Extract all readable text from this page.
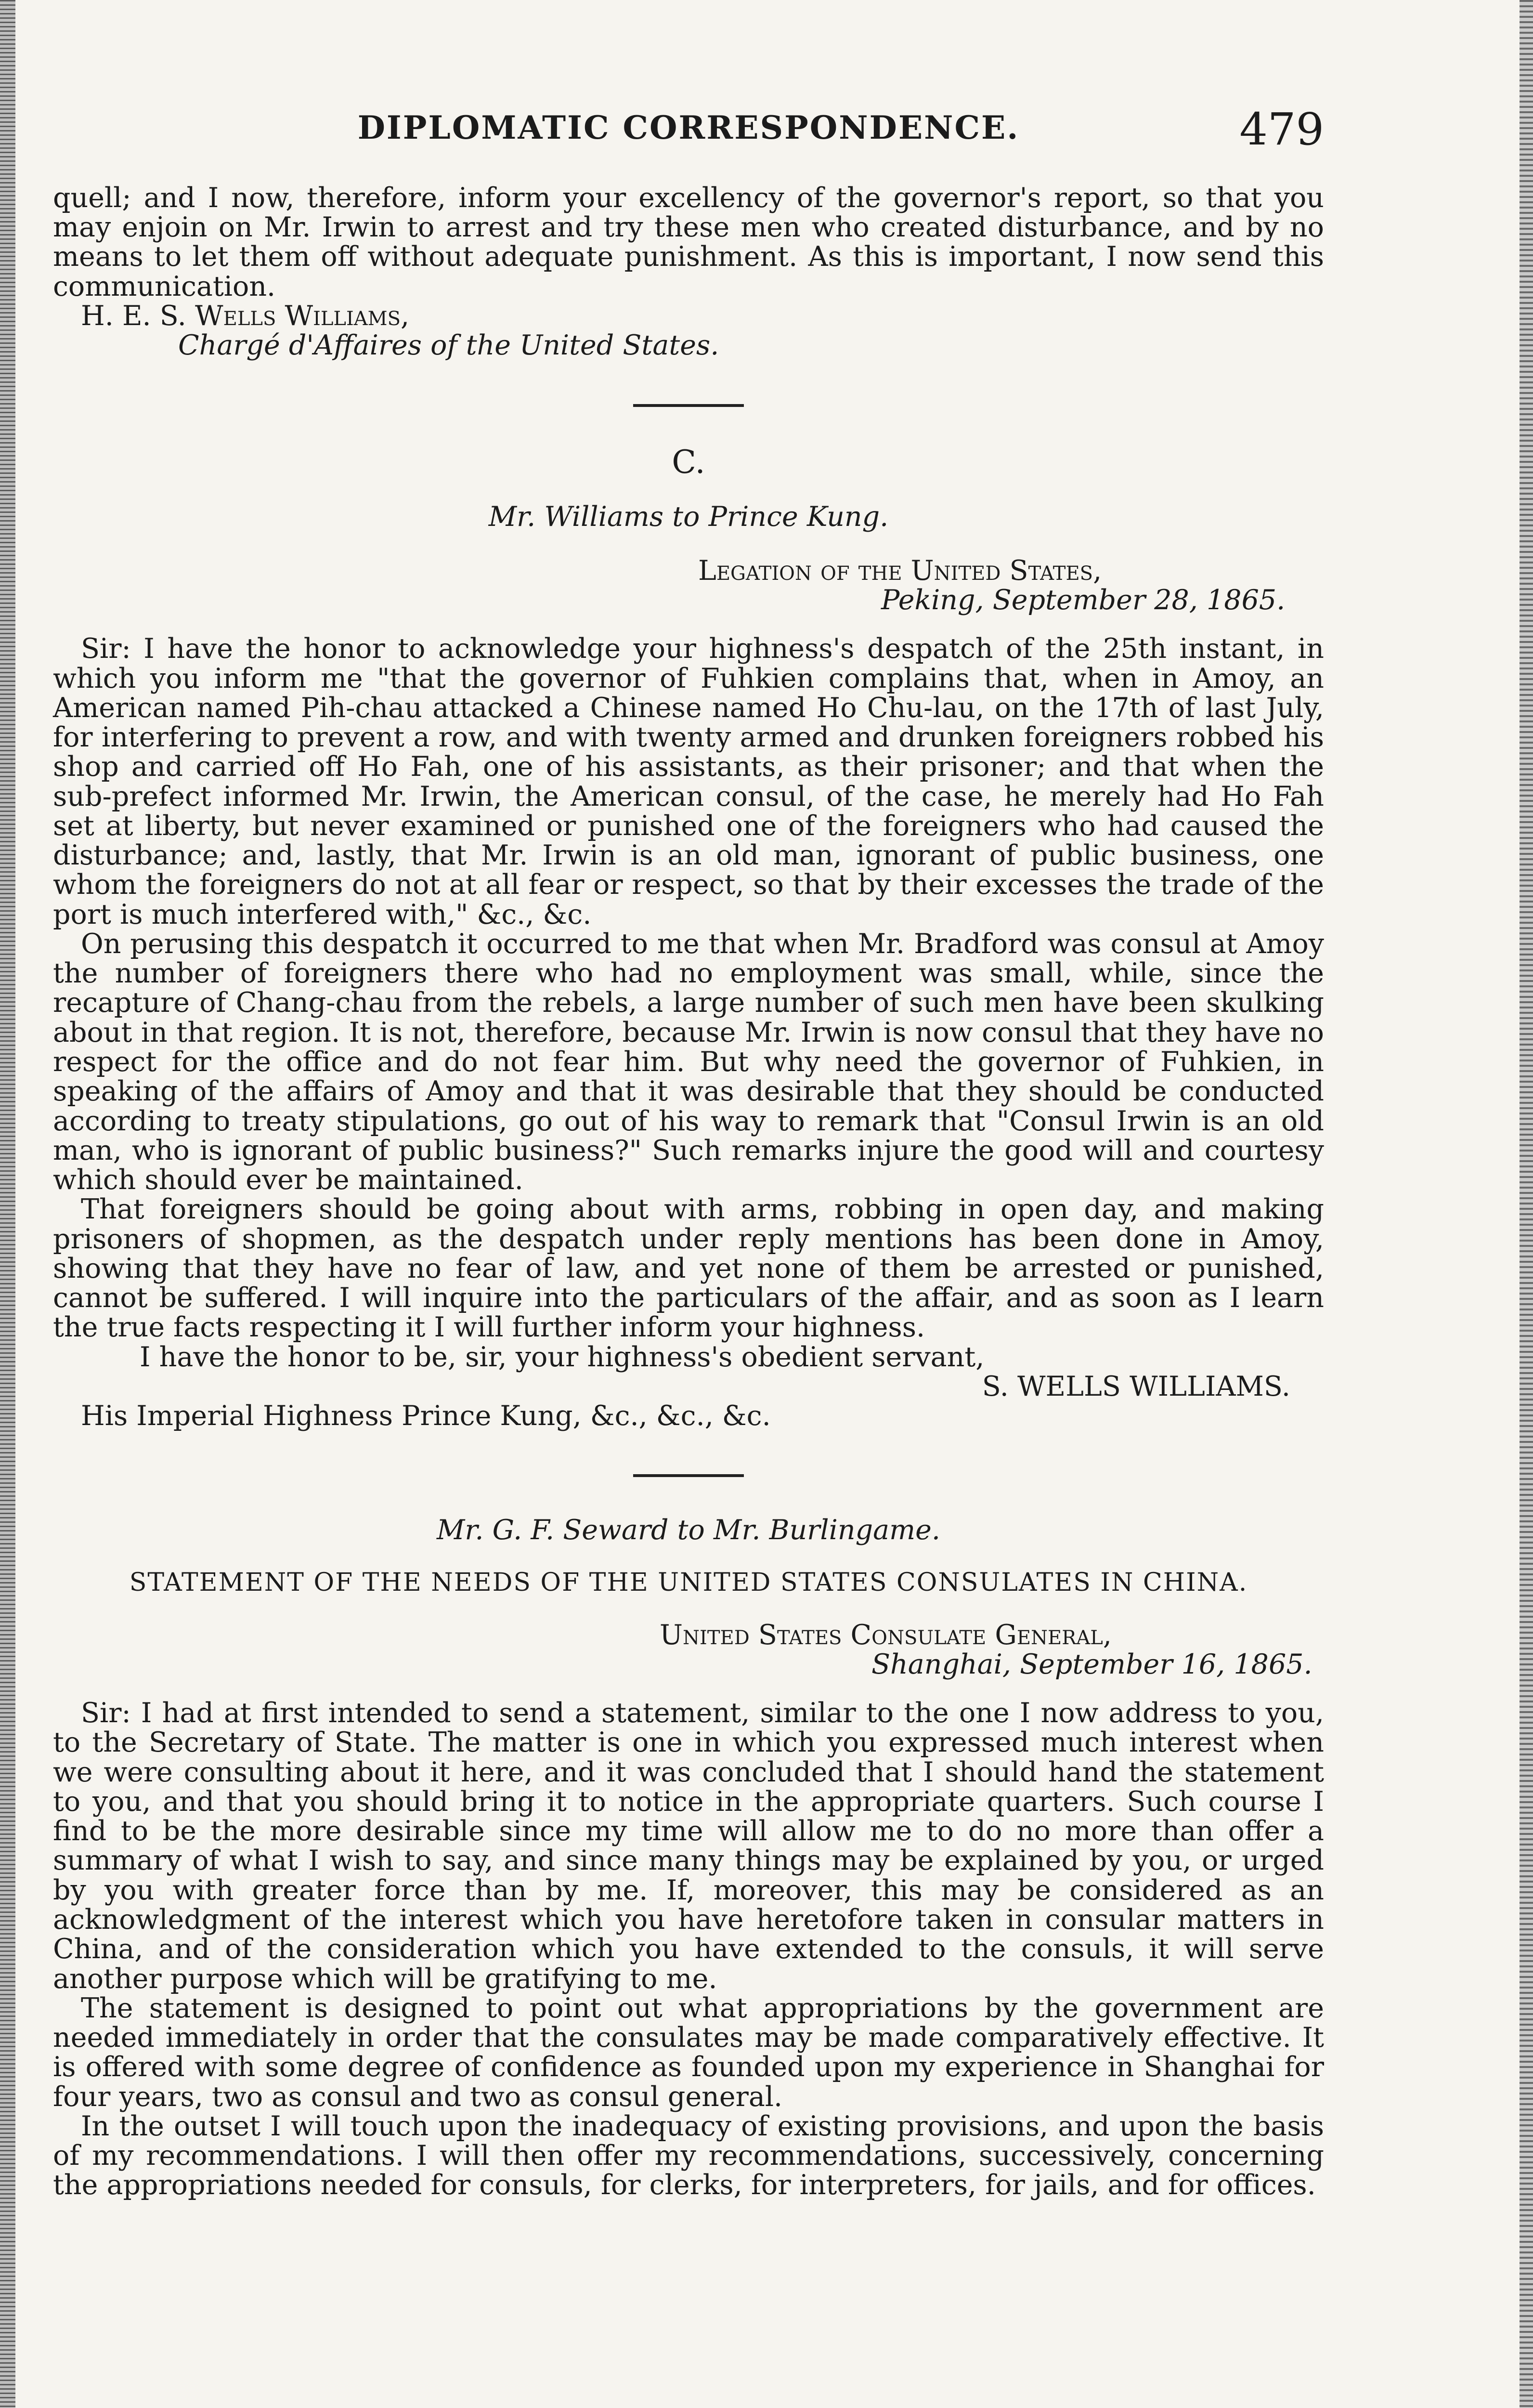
DIPLOMATIC CORRESPONDENCE.	479

quell; and I now, therefore, inform your excellency of the governor's report, so that you may enjoin on Mr. Irwin to arrest and try these men who created disturbance, and by no means to let them off without adequate punishment. As this is important, I now send this communication.

H. E. S. Wells Williams,

Chargé d'Affaires of the United States.

C.

Mr. Williams to Prince Kung.

Legation of the United States,

Peking, September 28, 1865.

Sir: I have the honor to acknowledge your highness's despatch of the 25th instant, in which you inform me "that the governor of Fuhkien complains that, when in Amoy, an American named Pih-chau attacked a Chinese named Ho Chu-lau, on the 17th of last July, for interfering to prevent a row, and with twenty armed and drunken foreigners robbed his shop and carried off Ho Fah, one of his assistants, as their prisoner; and that when the sub-prefect informed Mr. Irwin, the American consul, of the case, he merely had Ho Fah set at liberty, but never examined or punished one of the foreigners who had caused the disturbance; and, lastly, that Mr. Irwin is an old man, ignorant of public business, one whom the foreigners do not at all fear or respect, so that by their excesses the trade of the port is much interfered with," &c., &c.

On perusing this despatch it occurred to me that when Mr. Bradford was consul at Amoy the number of foreigners there who had no employment was small, while, since the recapture of Chang-chau from the rebels, a large number of such men have been skulking about in that region. It is not, therefore, because Mr. Irwin is now consul that they have no respect for the office and do not fear him. But why need the governor of Fuhkien, in speaking of the affairs of Amoy and that it was desirable that they should be conducted according to treaty stipulations, go out of his way to remark that "Consul Irwin is an old man, who is ignorant of public business?" Such remarks injure the good will and courtesy which should ever be maintained.

That foreigners should be going about with arms, robbing in open day, and making prisoners of shopmen, as the despatch under reply mentions has been done in Amoy, showing that they have no fear of law, and yet none of them be arrested or punished, cannot be suffered. I will inquire into the particulars of the affair, and as soon as I learn the true facts respecting it I will further inform your highness.

I have the honor to be, sir, your highness's obedient servant,

S. WELLS WILLIAMS.

His Imperial Highness Prince Kung, &c., &c., &c.

Mr. G. F. Seward to Mr. Burlingame.

STATEMENT OF THE NEEDS OF THE UNITED STATES CONSULATES IN CHINA.

United States Consulate General,

Shanghai, September 16, 1865.

Sir: I had at first intended to send a statement, similar to the one I now address to you, to the Secretary of State. The matter is one in which you expressed much interest when we were consulting about it here, and it was concluded that I should hand the statement to you, and that you should bring it to notice in the appropriate quarters. Such course I find to be the more desirable since my time will allow me to do no more than offer a summary of what I wish to say, and since many things may be explained by you, or urged by you with greater force than by me. If, moreover, this may be considered as an acknowledgment of the interest which you have heretofore taken in consular matters in China, and of the consideration which you have extended to the consuls, it will serve another purpose which will be gratifying to me.

The statement is designed to point out what appropriations by the government are needed immediately in order that the consulates may be made comparatively effective. It is offered with some degree of confidence as founded upon my experience in Shanghai for four years, two as consul and two as consul general.

In the outset I will touch upon the inadequacy of existing provisions, and upon the basis of my recommendations. I will then offer my recommendations, successively, concerning the appropriations needed for consuls, for clerks, for interpreters, for jails, and for offices.
